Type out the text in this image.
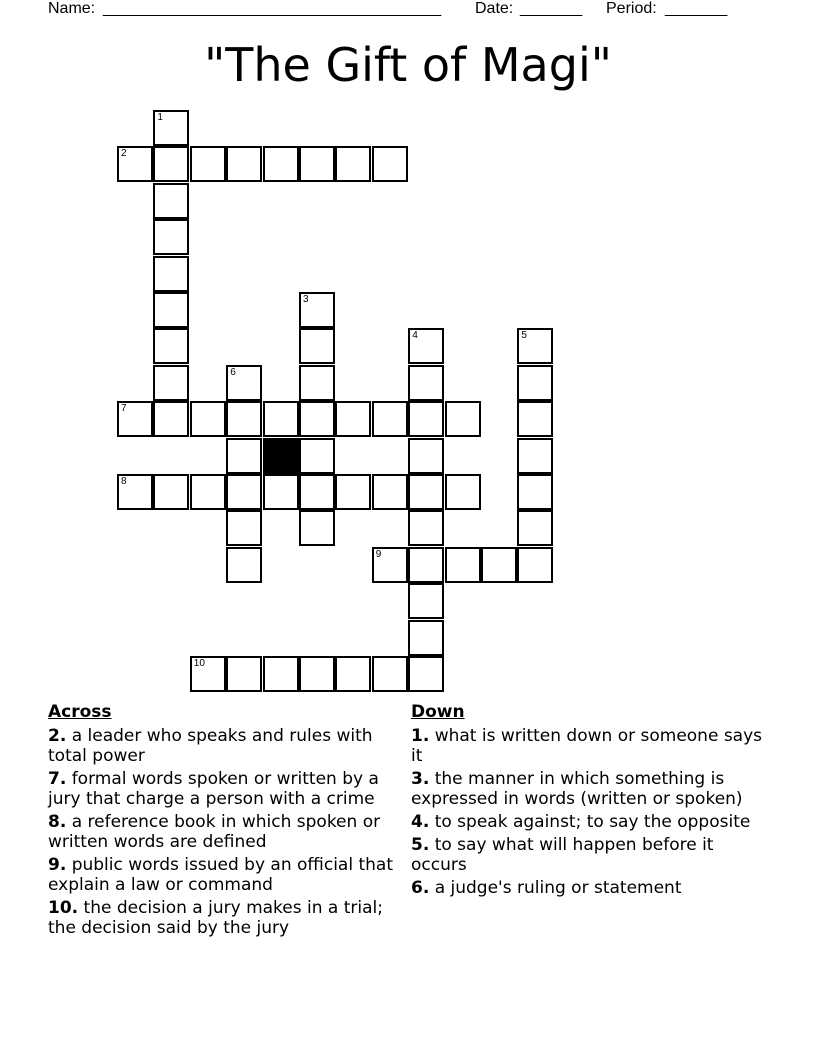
Name: ______________________________________ Date: _______ Period: _______
"The Gift of Magi"
1
2
3
4	5
6
7
8
9
10
Across
2. a leader who speaks and rules with total power
7. formal words spoken or written by a jury that charge a person with a crime
8. a reference book in which spoken or written words are defined
9. public words issued by an official that explain a law or command
10. the decision a jury makes in a trial; the decision said by the jury
Down
1. what is written down or someone says it
3. the manner in which something is expressed in words (written or spoken)
4. to speak against; to say the opposite
5. to say what will happen before it occurs
6. a judge's ruling or statement
